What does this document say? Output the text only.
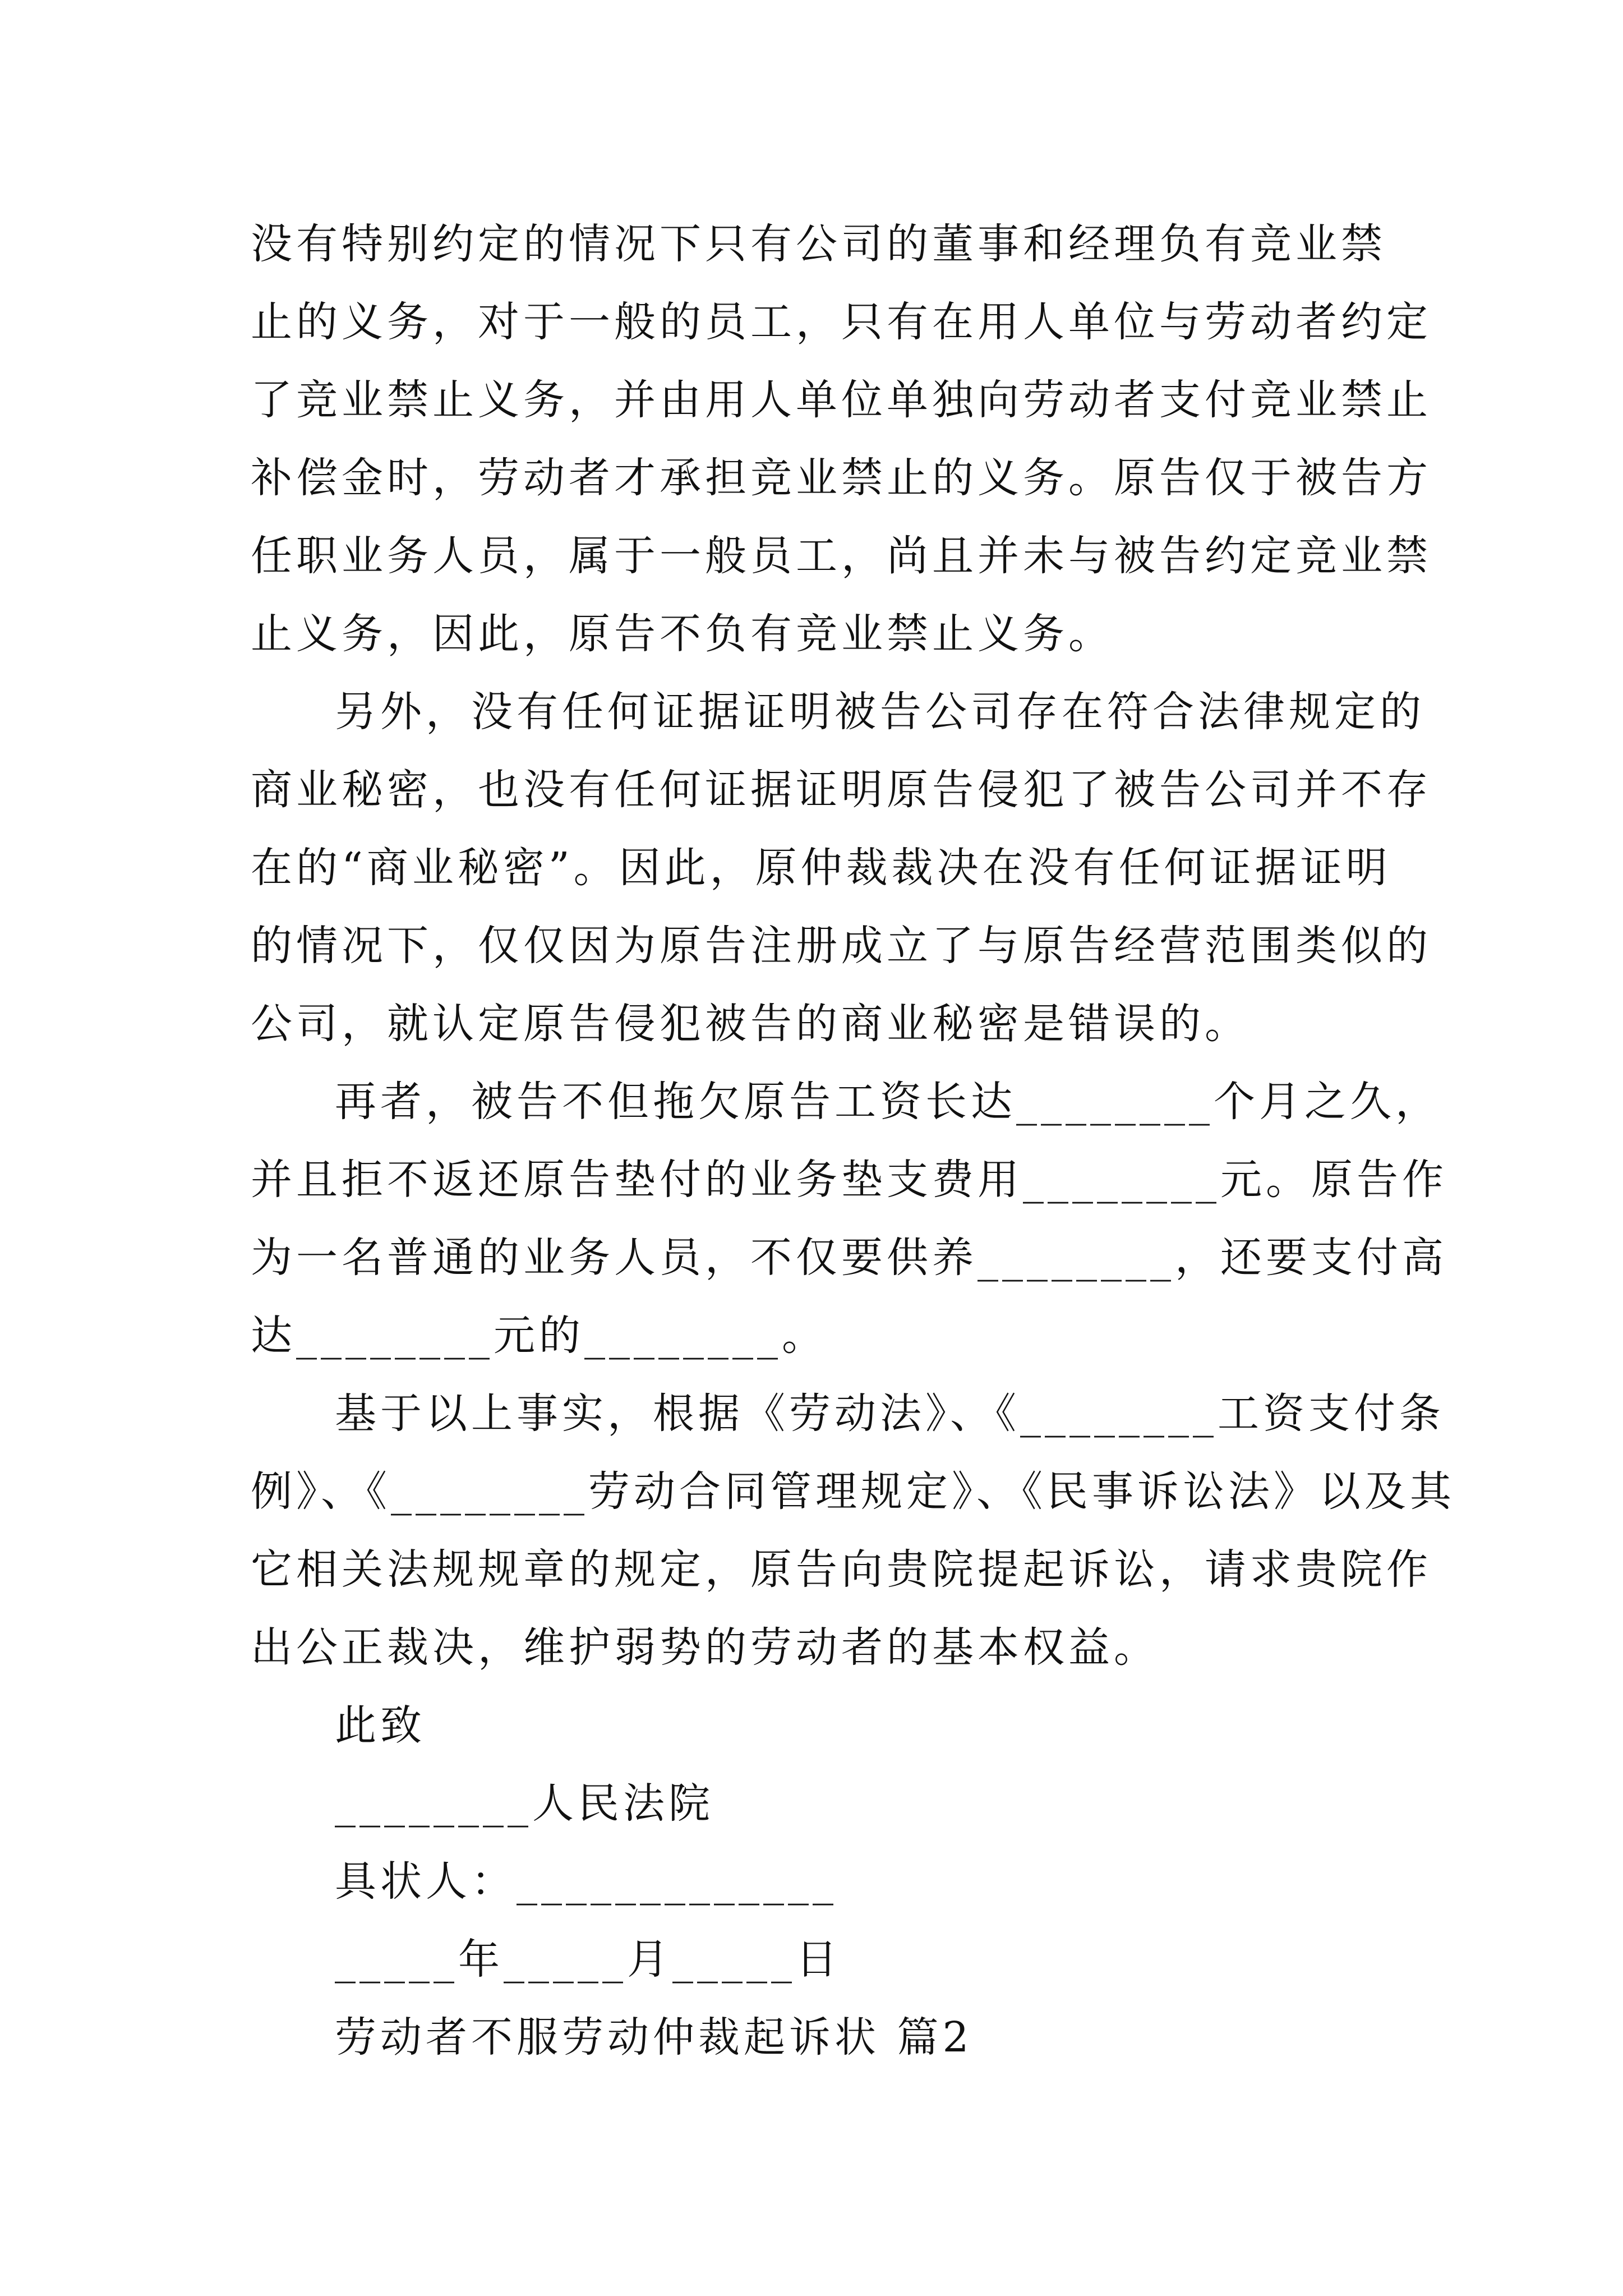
没有特别约定的情况下只有公司的董事和经理负有竞业禁
止的义务，对于一般的员工，只有在用人单位与劳动者约定
了竞业禁止义务，并由用人单位单独向劳动者支付竞业禁止
补偿金时，劳动者才承担竞业禁止的义务。原告仅于被告方
任职业务人员，属于一般员工，尚且并未与被告约定竞业禁
止义务，因此，原告不负有竞业禁止义务。
另外，没有任何证据证明被告公司存在符合法律规定的
商业秘密，也没有任何证据证明原告侵犯了被告公司并不存
在的“商业秘密”。因此，原仲裁裁决在没有任何证据证明
的情况下，仅仅因为原告注册成立了与原告经营范围类似的
公司，就认定原告侵犯被告的商业秘密是错误的。
再者，被告不但拖欠原告工资长达________个月之久，
并且拒不返还原告垫付的业务垫支费用________元。原告作
为一名普通的业务人员，不仅要供养________，还要支付高
达________元的________。
基于以上事实，根据《劳动法》、《________工资支付条
例》、《________劳动合同管理规定》、《民事诉讼法》以及其
它相关法规规章的规定，原告向贵院提起诉讼，请求贵院作
出公正裁决，维护弱势的劳动者的基本权益。
此致
________人民法院
具状人：_____________
_____年_____月_____日
劳动者不服劳动仲裁起诉状 篇2
